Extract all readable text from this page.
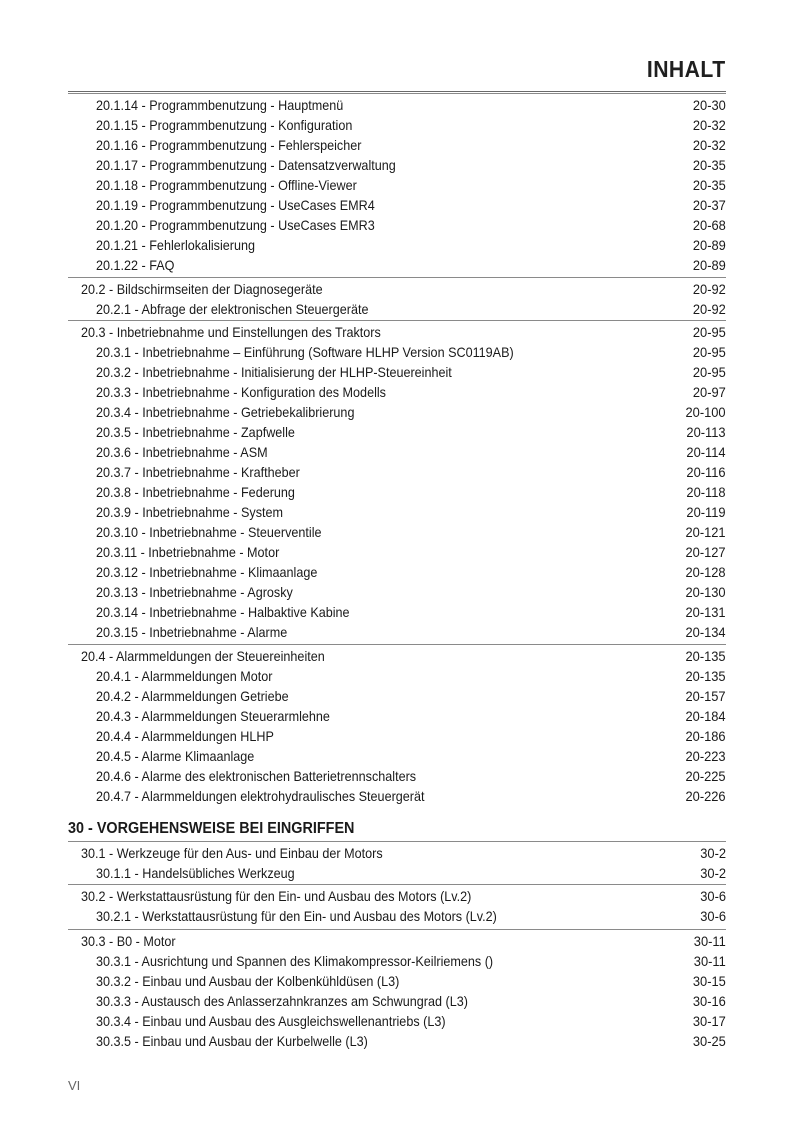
INHALT
20.1.14 - Programmbenutzung - Hauptmenü	20-30
20.1.15 - Programmbenutzung - Konfiguration	20-32
20.1.16 - Programmbenutzung - Fehlerspeicher	20-32
20.1.17 - Programmbenutzung - Datensatzverwaltung	20-35
20.1.18 - Programmbenutzung - Offline-Viewer	20-35
20.1.19 - Programmbenutzung - UseCases EMR4	20-37
20.1.20 - Programmbenutzung - UseCases EMR3	20-68
20.1.21 - Fehlerlokalisierung	20-89
20.1.22 - FAQ	20-89
20.2 - Bildschirmseiten der Diagnosegeräte	20-92
20.2.1 - Abfrage der elektronischen Steuergeräte	20-92
20.3 - Inbetriebnahme und Einstellungen des Traktors	20-95
20.3.1 - Inbetriebnahme – Einführung (Software HLHP Version SC0119AB)	20-95
20.3.2 - Inbetriebnahme - Initialisierung der HLHP-Steuereinheit	20-95
20.3.3 - Inbetriebnahme - Konfiguration des Modells	20-97
20.3.4 - Inbetriebnahme - Getriebekalibrierung	20-100
20.3.5 - Inbetriebnahme - Zapfwelle	20-113
20.3.6 - Inbetriebnahme - ASM	20-114
20.3.7 - Inbetriebnahme - Kraftheber	20-116
20.3.8 - Inbetriebnahme - Federung	20-118
20.3.9 - Inbetriebnahme - System	20-119
20.3.10 - Inbetriebnahme - Steuerventile	20-121
20.3.11 - Inbetriebnahme - Motor	20-127
20.3.12 - Inbetriebnahme - Klimaanlage	20-128
20.3.13 - Inbetriebnahme - Agrosky	20-130
20.3.14 - Inbetriebnahme - Halbaktive Kabine	20-131
20.3.15 - Inbetriebnahme - Alarme	20-134
20.4 - Alarmmeldungen der Steuereinheiten	20-135
20.4.1 - Alarmmeldungen Motor	20-135
20.4.2 - Alarmmeldungen Getriebe	20-157
20.4.3 - Alarmmeldungen Steuerarmlehne	20-184
20.4.4 - Alarmmeldungen HLHP	20-186
20.4.5 - Alarme Klimaanlage	20-223
20.4.6 - Alarme des elektronischen Batterietrennschalters	20-225
20.4.7 - Alarmmeldungen elektrohydraulisches Steuergerät	20-226
30 - VORGEHENSWEISE BEI EINGRIFFEN
30.1 - Werkzeuge für den Aus- und Einbau der Motors	30-2
30.1.1 - Handelsübliches Werkzeug	30-2
30.2 - Werkstattausrüstung für den Ein- und Ausbau des Motors (Lv.2)	30-6
30.2.1 - Werkstattausrüstung für den Ein- und Ausbau des Motors (Lv.2)	30-6
30.3 - B0 - Motor	30-11
30.3.1 - Ausrichtung und Spannen des Klimakompressor-Keilriemens ()	30-11
30.3.2 - Einbau und Ausbau der Kolbenkühldüsen (L3)	30-15
30.3.3 - Austausch des Anlasserzahnkranzes am Schwungrad (L3)	30-16
30.3.4 - Einbau und Ausbau des Ausgleichswellenantriebs (L3)	30-17
30.3.5 - Einbau und Ausbau der Kurbelwelle (L3)	30-25
VI
